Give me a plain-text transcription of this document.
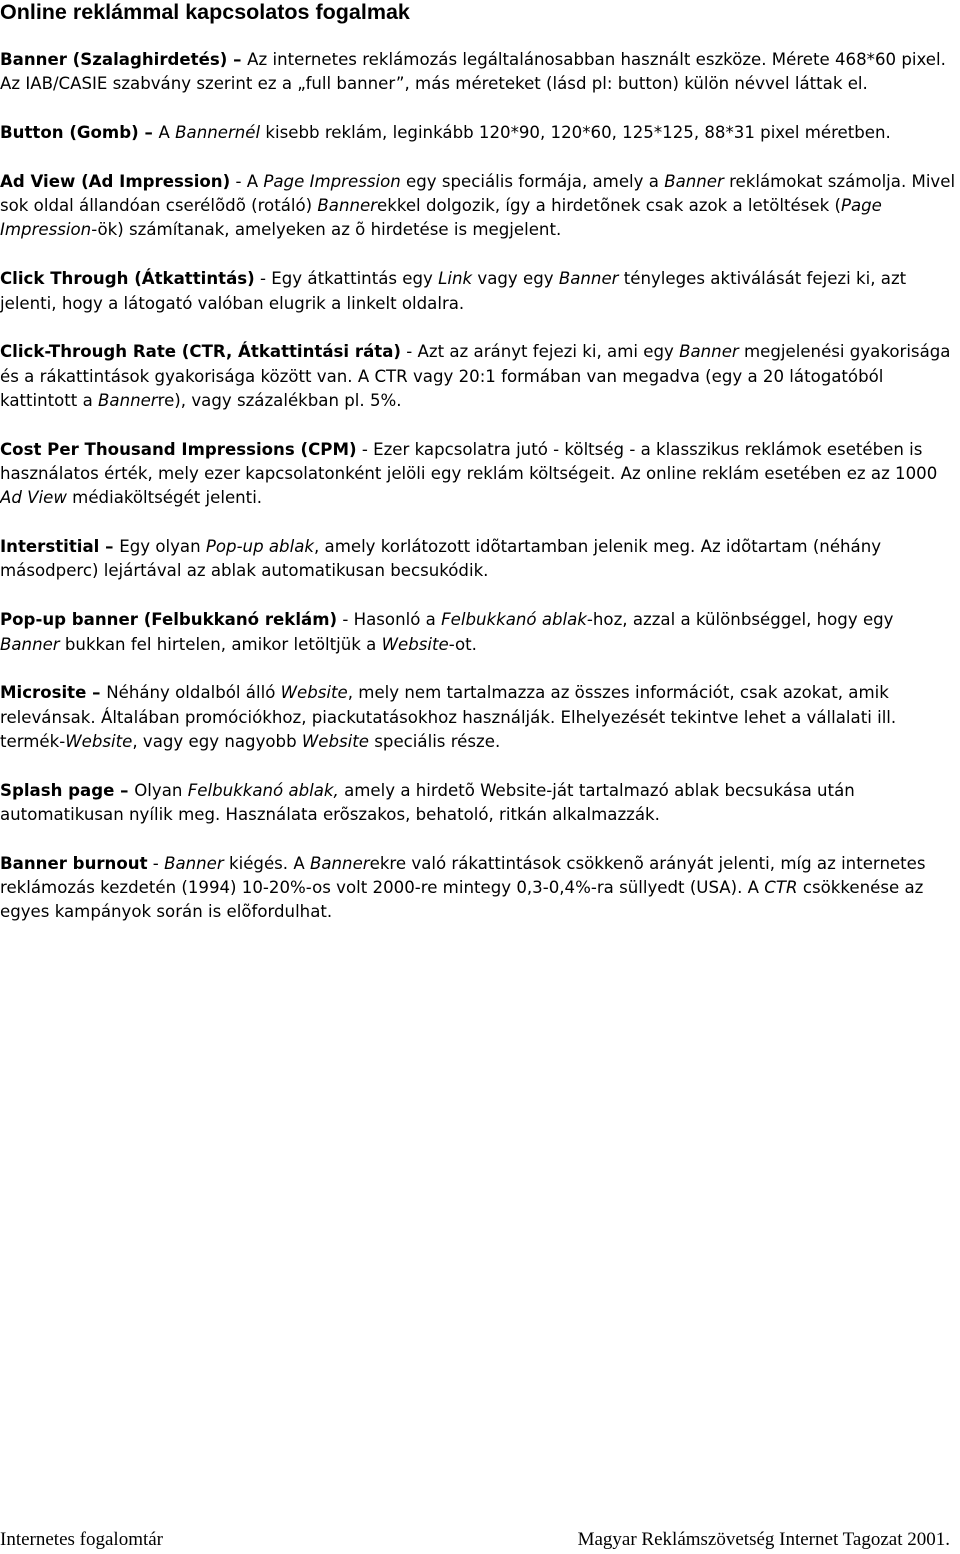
Online reklámmal kapcsolatos fogalmak

Banner (Szalaghirdetés) – Az internetes reklámozás legáltalánosabban használt eszköze. Mérete 468*60 pixel. Az IAB/CASIE szabvány szerint ez a „full banner”, más méreteket (lásd pl: button) külön névvel láttak el.

Button (Gomb) – A Bannernél kisebb reklám, leginkább 120*90, 120*60, 125*125, 88*31 pixel méretben.

Ad View (Ad Impression) - A Page Impression egy speciális formája, amely a Banner reklámokat számolja. Mivel sok oldal állandóan cserélõdõ (rotáló) Bannerekkel dolgozik, így a hirdetõnek csak azok a letöltések (Page Impression-ök) számítanak, amelyeken az õ hirdetése is megjelent.

Click Through (Átkattintás) - Egy átkattintás egy Link vagy egy Banner tényleges aktiválását fejezi ki, azt jelenti, hogy a látogató valóban elugrik a linkelt oldalra.

Click-Through Rate (CTR, Átkattintási ráta) - Azt az arányt fejezi ki, ami egy Banner megjelenési gyakorisága és a rákattintások gyakorisága között van. A CTR vagy 20:1 formában van megadva (egy a 20 látogatóból kattintott a Bannerre), vagy százalékban pl. 5%.

Cost Per Thousand Impressions (CPM) - Ezer kapcsolatra jutó - költség - a klasszikus reklámok esetében is használatos érték, mely ezer kapcsolatonként jelöli egy reklám költségeit. Az online reklám esetében ez az 1000 Ad View médiaköltségét jelenti.

Interstitial – Egy olyan Pop-up ablak, amely korlátozott idõtartamban jelenik meg. Az idõtartam (néhány másodperc) lejártával az ablak automatikusan becsukódik.

Pop-up banner (Felbukkanó reklám) - Hasonló a Felbukkanó ablak-hoz, azzal a különbséggel, hogy egy Banner bukkan fel hirtelen, amikor letöltjük a Website-ot.

Microsite – Néhány oldalból álló Website, mely nem tartalmazza az összes információt, csak azokat, amik relevánsak. Általában promóciókhoz, piackutatásokhoz használják. Elhelyezését tekintve lehet a vállalati ill. termék-Website, vagy egy nagyobb Website speciális része.

Splash page – Olyan Felbukkanó ablak, amely a hirdetõ Website-ját tartalmazó ablak becsukása után automatikusan nyílik meg. Használata erõszakos, behatoló, ritkán alkalmazzák.

Banner burnout - Banner kiégés. A Bannerekre való rákattintások csökkenõ arányát jelenti, míg az internetes reklámozás kezdetén (1994) 10-20%-os volt 2000-re mintegy 0,3-0,4%-ra süllyedt (USA). A CTR csökkenése az egyes kampányok során is elõfordulhat.

Internetes fogalomtár	Magyar Reklámszövetség Internet Tagozat 2001.
